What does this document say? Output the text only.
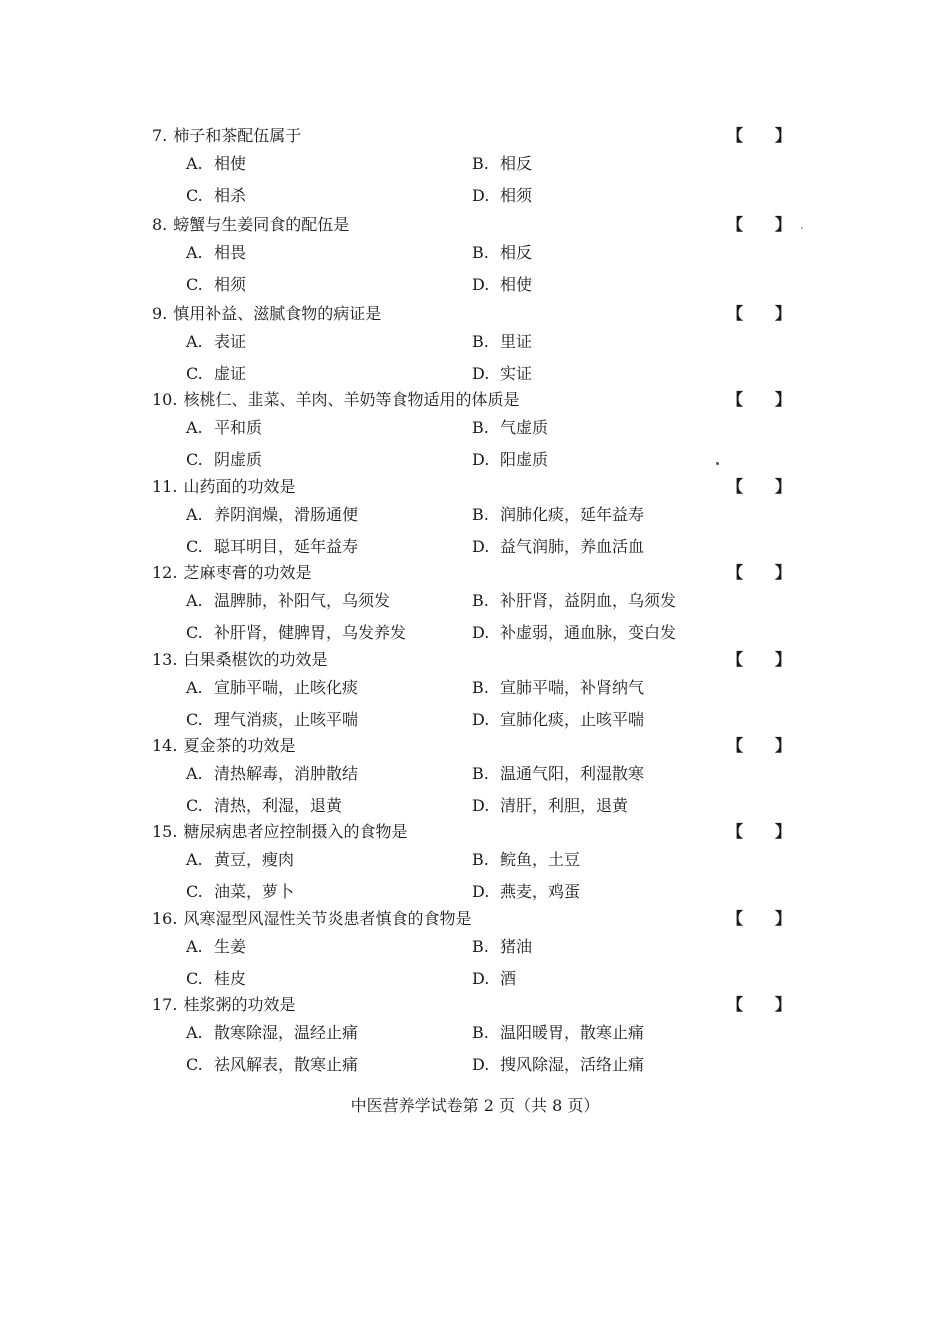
7. 柿子和茶配伍属于	【 】
A. 相使	B. 相反
C. 相杀	D. 相须
8. 螃蟹与生姜同食的配伍是	【 】
A. 相畏	B. 相反
C. 相须	D. 相使
9. 慎用补益、滋腻食物的病证是	【 】
A. 表证	B. 里证
C. 虚证	D. 实证
10. 核桃仁、韭菜、羊肉、羊奶等食物适用的体质是	【 】
A. 平和质	B. 气虚质
C. 阴虚质	D. 阳虚质
11. 山药面的功效是	【 】
A. 养阴润燥，滑肠通便	B. 润肺化痰，延年益寿
C. 聪耳明目，延年益寿	D. 益气润肺，养血活血
12. 芝麻枣膏的功效是	【 】
A. 温脾肺，补阳气，乌须发	B. 补肝肾，益阴血，乌须发
C. 补肝肾，健脾胃，乌发养发	D. 补虚弱，通血脉，变白发
13. 白果桑椹饮的功效是	【 】
A. 宣肺平喘，止咳化痰	B. 宣肺平喘，补肾纳气
C. 理气消痰，止咳平喘	D. 宣肺化痰，止咳平喘
14. 夏金茶的功效是	【 】
A. 清热解毒，消肿散结	B. 温通气阳，利湿散寒
C. 清热，利湿，退黄	D. 清肝，利胆，退黄
15. 糖尿病患者应控制摄入的食物是	【 】
A. 黄豆，瘦肉	B. 鲩鱼，土豆
C. 油菜，萝卜	D. 燕麦，鸡蛋
16. 风寒湿型风湿性关节炎患者慎食的食物是	【 】
A. 生姜	B. 猪油
C. 桂皮	D. 酒
17. 桂浆粥的功效是	【 】
A. 散寒除湿，温经止痛	B. 温阳暖胃，散寒止痛
C. 祛风解表，散寒止痛	D. 搜风除湿，活络止痛
中医营养学试卷第 2 页（共 8 页）
